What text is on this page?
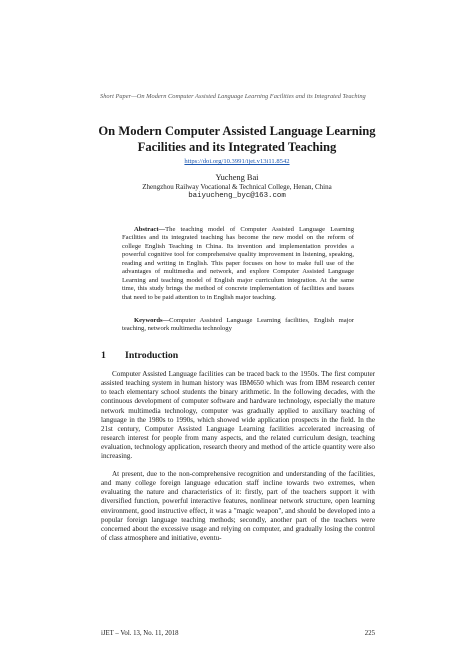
Short Paper—On Modern Computer Assisted Language Learning Facilities and its Integrated Teaching
On Modern Computer Assisted Language Learning Facilities and its Integrated Teaching
https://doi.org/10.3991/ijet.v13i11.8542
Yucheng Bai
Zhengzhou Railway Vocational & Technical College, Henan, China
baiyucheng_byc@163.com

Abstract—The teaching model of Computer Assisted Language Learning Facilities and its integrated teaching has become the new model on the reform of college English Teaching in China. Its invention and implementation provides a powerful cognitive tool for comprehensive quality improvement in listening, speaking, reading and writing in English. This paper focuses on how to make full use of the advantages of multimedia and network, and explore Computer Assisted Language Learning and teaching model of English major curriculum integration. At the same time, this study brings the method of concrete implementation of facilities and issues that need to be paid attention to in English major teaching.

Keywords—Computer Assisted Language Learning facilities, English major teaching, network multimedia technology

1 Introduction

Computer Assisted Language facilities can be traced back to the 1950s. The first computer assisted teaching system in human history was IBM650 which was from IBM research center to teach elementary school students the binary arithmetic. In the following decades, with the continuous development of computer software and hardware technology, especially the mature network multimedia technology, computer was gradually applied to auxiliary teaching of language in the 1980s to 1990s, which showed wide application prospects in the field. In the 21st century, Computer Assisted Language Learning facilities accelerated increasing of research interest for people from many aspects, and the related curriculum design, teaching evaluation, technology application, research theory and method of the article quantity were also increasing.

At present, due to the non-comprehensive recognition and understanding of the facilities, and many college foreign language education staff incline towards two extremes, when evaluating the nature and characteristics of it: firstly, part of the teachers support it with diversified function, powerful interactive features, nonlinear network structure, open learning environment, good instructive effect, it was a "magic weapon", and should be developed into a popular foreign language teaching methods; secondly, another part of the teachers were concerned about the excessive usage and relying on computer, and gradually losing the control of class atmosphere and initiative, eventu-

iJET – Vol. 13, No. 11, 2018	225
